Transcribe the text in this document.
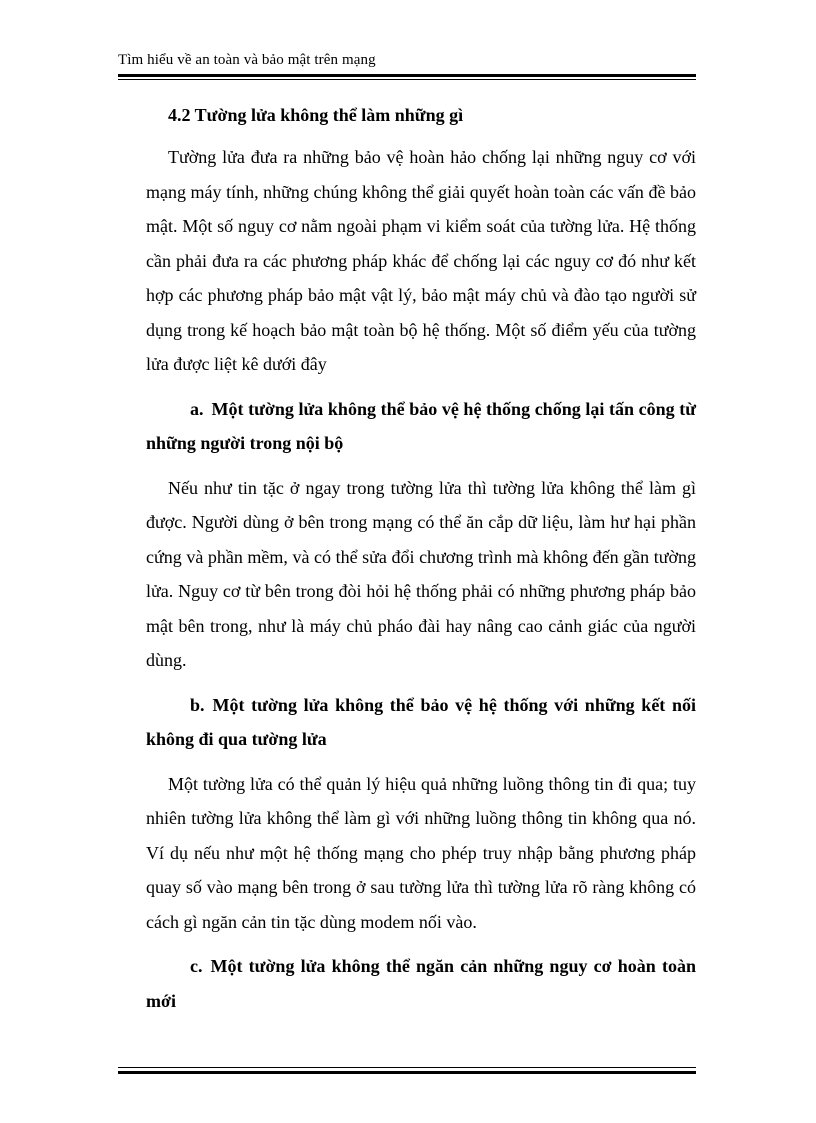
Tìm hiểu về an toàn và bảo mật trên mạng
4.2 Tường lửa không thể làm những gì

Tường lửa đưa ra những bảo vệ hoàn hảo chống lại những nguy cơ với mạng máy tính, những chúng không thể giải quyết hoàn toàn các vấn đề bảo mật. Một số nguy cơ nằm ngoài phạm vi kiểm soát của tường lửa. Hệ thống cần phải đưa ra các phương pháp khác để chống lại các nguy cơ đó như kết hợp các phương pháp bảo mật vật lý, bảo mật máy chủ và đào tạo người sử dụng trong kế hoạch bảo mật toàn bộ hệ thống. Một số điểm yếu của tường lửa được liệt kê dưới đây

a. Một tường lửa không thể bảo vệ hệ thống chống lại tấn công từ những người trong nội bộ

Nếu như tin tặc ở ngay trong tường lửa thì tường lửa không thể làm gì được. Người dùng ở bên trong mạng có thể ăn cắp dữ liệu, làm hư hại phần cứng và phần mềm, và có thể sửa đổi chương trình mà không đến gần tường lửa. Nguy cơ từ bên trong đòi hỏi hệ thống phải có những phương pháp bảo mật bên trong, như là máy chủ pháo đài hay nâng cao cảnh giác của người dùng.

b. Một tường lửa không thể bảo vệ hệ thống với những kết nối không đi qua tường lửa

Một tường lửa có thể quản lý hiệu quả những luồng thông tin đi qua; tuy nhiên tường lửa không thể làm gì với những luồng thông tin không qua nó. Ví dụ nếu như một hệ thống mạng cho phép truy nhập bằng phương pháp quay số vào mạng bên trong ở sau tường lửa thì tường lửa rõ ràng không có cách gì ngăn cản tin tặc dùng modem nối vào.

c. Một tường lửa không thể ngăn cản những nguy cơ hoàn toàn mới
